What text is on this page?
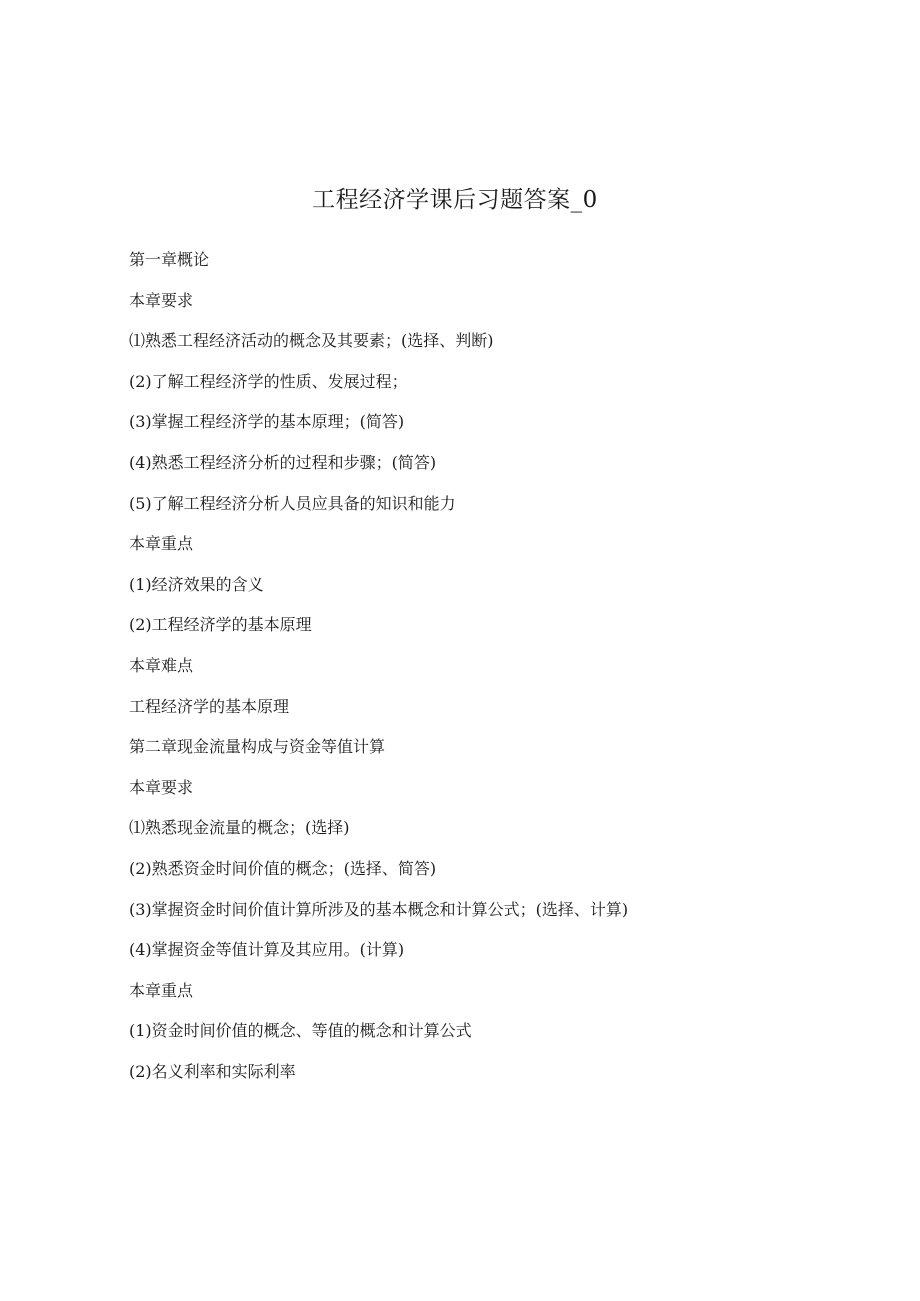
工程经济学课后习题答案_0

第一章概论

本章要求

⑴熟悉工程经济活动的概念及其要素；(选择、判断)

(2)了解工程经济学的性质、发展过程；

(3)掌握工程经济学的基本原理；(简答)

(4)熟悉工程经济分析的过程和步骤；(简答)

(5)了解工程经济分析人员应具备的知识和能力

本章重点

(1)经济效果的含义

(2)工程经济学的基本原理

本章难点

工程经济学的基本原理

第二章现金流量构成与资金等值计算

本章要求

⑴熟悉现金流量的概念；(选择)

(2)熟悉资金时间价值的概念；(选择、简答)

(3)掌握资金时间价值计算所涉及的基本概念和计算公式；(选择、计算)

(4)掌握资金等值计算及其应用。(计算)

本章重点

(1)资金时间价值的概念、等值的概念和计算公式

(2)名义利率和实际利率
